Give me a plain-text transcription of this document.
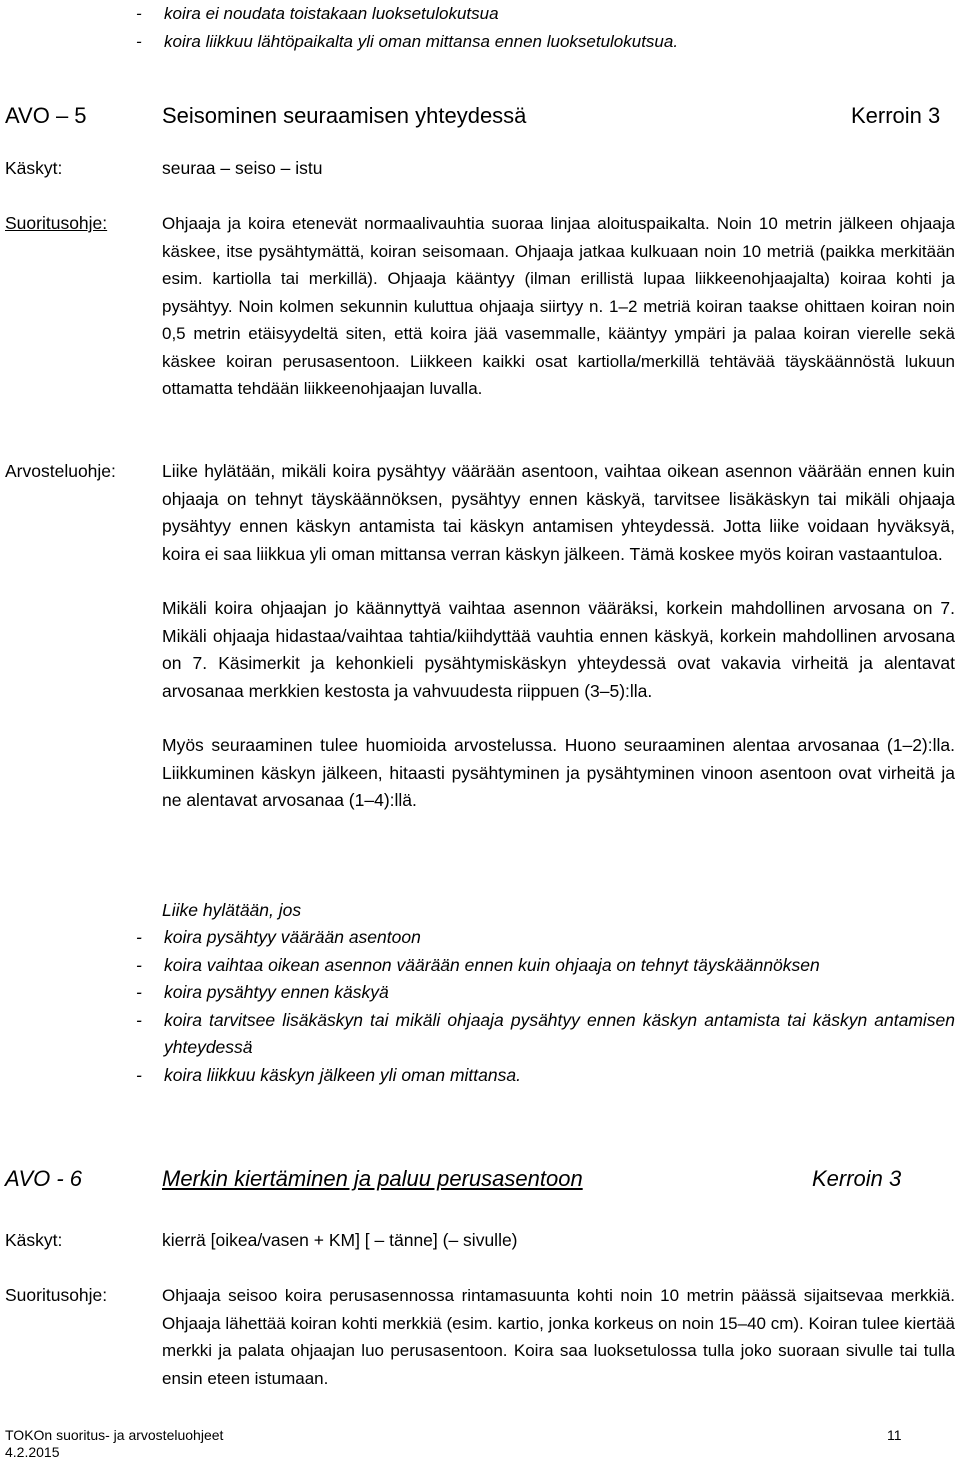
- koira ei noudata toistakaan luoksetulokutsua
- koira liikkuu lähtöpaikalta yli oman mittansa ennen luoksetulokutsua.
AVO – 5	Seisominen seuraamisen yhteydessä	Kerroin 3
Käskyt:	seuraa – seiso – istu
Suoritusohje:	Ohjaaja ja koira etenevät normaalivauhtia suoraa linjaa aloituspaikalta. Noin 10 metrin jälkeen ohjaaja käskee, itse pysähtymättä, koiran seisomaan. Ohjaaja jatkaa kulkuaan noin 10 metriä (paikka merkitään esim. kartiolla tai merkillä). Ohjaaja kääntyy (ilman erillistä lupaa liikkeenohjaajalta) koiraa kohti ja pysähtyy. Noin kolmen sekunnin kuluttua ohjaaja siirtyy n. 1–2 metriä koiran taakse ohittaen koiran noin 0,5 metrin etäisyydeltä siten, että koira jää vasemmalle, kääntyy ympäri ja palaa koiran vierelle sekä käskee koiran perusasentoon. Liikkeen kaikki osat kartiolla/merkillä tehtävää täyskäännöstä lukuun ottamatta tehdään liikkeenohjaajan luvalla.
Arvosteluohje:	Liike hylätään, mikäli koira pysähtyy väärään asentoon, vaihtaa oikean asennon väärään ennen kuin ohjaaja on tehnyt täyskäännöksen, pysähtyy ennen käskyä, tarvitsee lisäkäskyn tai mikäli ohjaaja pysähtyy ennen käskyn antamista tai käskyn antamisen yhteydessä. Jotta liike voidaan hyväksyä, koira ei saa liikkua yli oman mittansa verran käskyn jälkeen. Tämä koskee myös koiran vastaantuloa.
Mikäli koira ohjaajan jo käännyttyä vaihtaa asennon vääräksi, korkein mahdollinen arvosana on 7. Mikäli ohjaaja hidastaa/vaihtaa tahtia/kiihdyttää vauhtia ennen käskyä, korkein mahdollinen arvosana on 7. Käsimerkit ja kehonkieli pysähtymiskäskyn yhteydessä ovat vakavia virheitä ja alentavat arvosanaa merkkien kestosta ja vahvuudesta riippuen (3–5):lla.
Myös seuraaminen tulee huomioida arvostelussa. Huono seuraaminen alentaa arvosanaa (1–2):lla. Liikkuminen käskyn jälkeen, hitaasti pysähtyminen ja pysähtyminen vinoon asentoon ovat virheitä ja ne alentavat arvosanaa (1–4):llä.
Liike hylätään, jos
- koira pysähtyy väärään asentoon
- koira vaihtaa oikean asennon väärään ennen kuin ohjaaja on tehnyt täyskäännöksen
- koira pysähtyy ennen käskyä
- koira tarvitsee lisäkäskyn tai mikäli ohjaaja pysähtyy ennen käskyn antamista tai käskyn antamisen yhteydessä
- koira liikkuu käskyn jälkeen yli oman mittansa.
AVO - 6	Merkin kiertäminen ja paluu perusasentoon	Kerroin 3
Käskyt:	kierrä [oikea/vasen + KM] [ – tänne] (– sivulle)
Suoritusohje:	Ohjaaja seisoo koira perusasennossa rintamasuunta kohti noin 10 metrin päässä sijaitsevaa merkkiä. Ohjaaja lähettää koiran kohti merkkiä (esim. kartio, jonka korkeus on noin 15–40 cm). Koiran tulee kiertää merkki ja palata ohjaajan luo perusasentoon. Koira saa luoksetulossa tulla joko suoraan sivulle tai tulla ensin eteen istumaan.
TOKOn suoritus- ja arvosteluohjeet
4.2.2015
11
